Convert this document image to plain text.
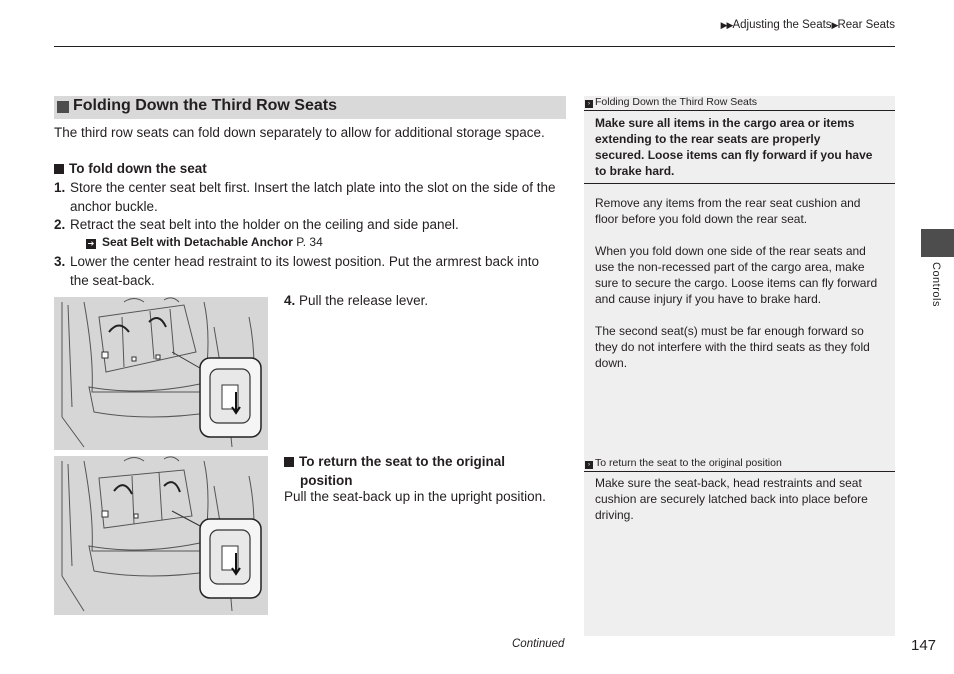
▶▶Adjusting the Seats▶Rear Seats
Folding Down the Third Row Seats
The third row seats can fold down separately to allow for additional storage space.
To fold down the seat
1. Store the center seat belt first. Insert the latch plate into the slot on the side of the
anchor buckle.
2. Retract the seat belt into the holder on the ceiling and side panel.
➔ Seat Belt with Detachable Anchor P. 34
3. Lower the center head restraint to its lowest position. Put the armrest back into
the seat-back.
4. Pull the release lever.
To return the seat to the original
position
Pull the seat-back up in the upright position.
› Folding Down the Third Row Seats
Make sure all items in the cargo area or items
extending to the rear seats are properly
secured. Loose items can fly forward if you have
to brake hard.
Remove any items from the rear seat cushion and
floor before you fold down the rear seat.
When you fold down one side of the rear seats and
use the non-recessed part of the cargo area, make
sure to secure the cargo. Loose items can fly forward
and cause injury if you have to brake hard.
The second seat(s) must be far enough forward so
they do not interfere with the third seats as they fold
down.
› To return the seat to the original position
Make sure the seat-back, head restraints and seat
cushion are securely latched back into place before
driving.
Controls
Continued	147
